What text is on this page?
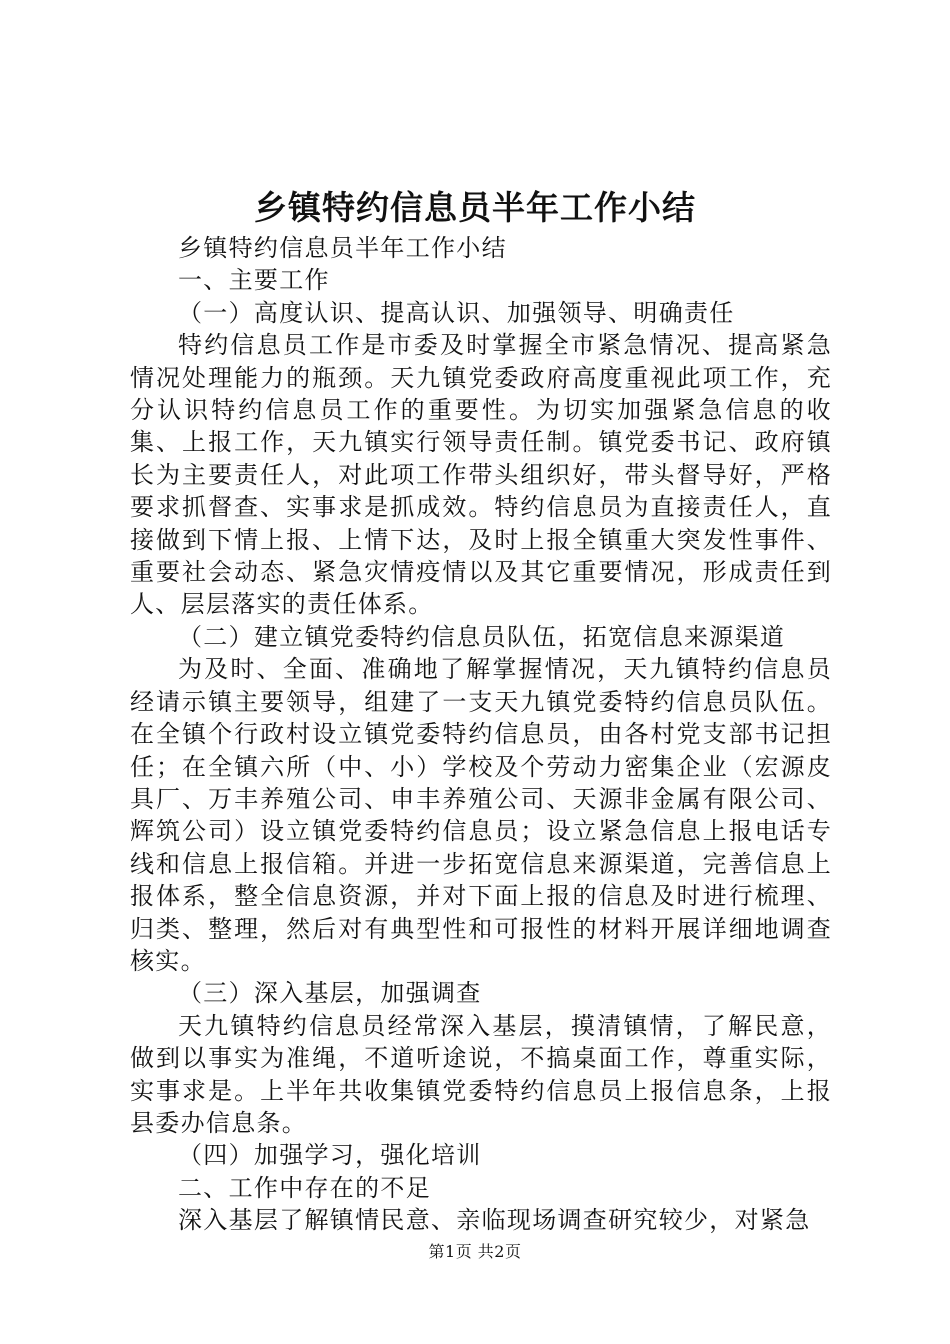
乡镇特约信息员半年工作小结

乡镇特约信息员半年工作小结

一、主要工作

（一）高度认识、提高认识、加强领导、明确责任

特约信息员工作是市委及时掌握全市紧急情况、提高紧急情况处理能力的瓶颈。天九镇党委政府高度重视此项工作，充分认识特约信息员工作的重要性。为切实加强紧急信息的收集、上报工作，天九镇实行领导责任制。镇党委书记、政府镇长为主要责任人，对此项工作带头组织好，带头督导好，严格要求抓督查、实事求是抓成效。特约信息员为直接责任人，直接做到下情上报、上情下达，及时上报全镇重大突发性事件、重要社会动态、紧急灾情疫情以及其它重要情况，形成责任到人、层层落实的责任体系。

（二）建立镇党委特约信息员队伍，拓宽信息来源渠道

为及时、全面、准确地了解掌握情况，天九镇特约信息员经请示镇主要领导，组建了一支天九镇党委特约信息员队伍。在全镇个行政村设立镇党委特约信息员，由各村党支部书记担任；在全镇六所（中、小）学校及个劳动力密集企业（宏源皮具厂、万丰养殖公司、申丰养殖公司、天源非金属有限公司、辉筑公司）设立镇党委特约信息员；设立紧急信息上报电话专线和信息上报信箱。并进一步拓宽信息来源渠道，完善信息上报体系，整全信息资源，并对下面上报的信息及时进行梳理、归类、整理，然后对有典型性和可报性的材料开展详细地调查核实。

（三）深入基层，加强调查

天九镇特约信息员经常深入基层，摸清镇情，了解民意，做到以事实为准绳，不道听途说，不搞桌面工作，尊重实际，实事求是。上半年共收集镇党委特约信息员上报信息条，上报县委办信息条。

（四）加强学习，强化培训

二、工作中存在的不足

深入基层了解镇情民意、亲临现场调查研究较少，对紧急

第1页 共2页
